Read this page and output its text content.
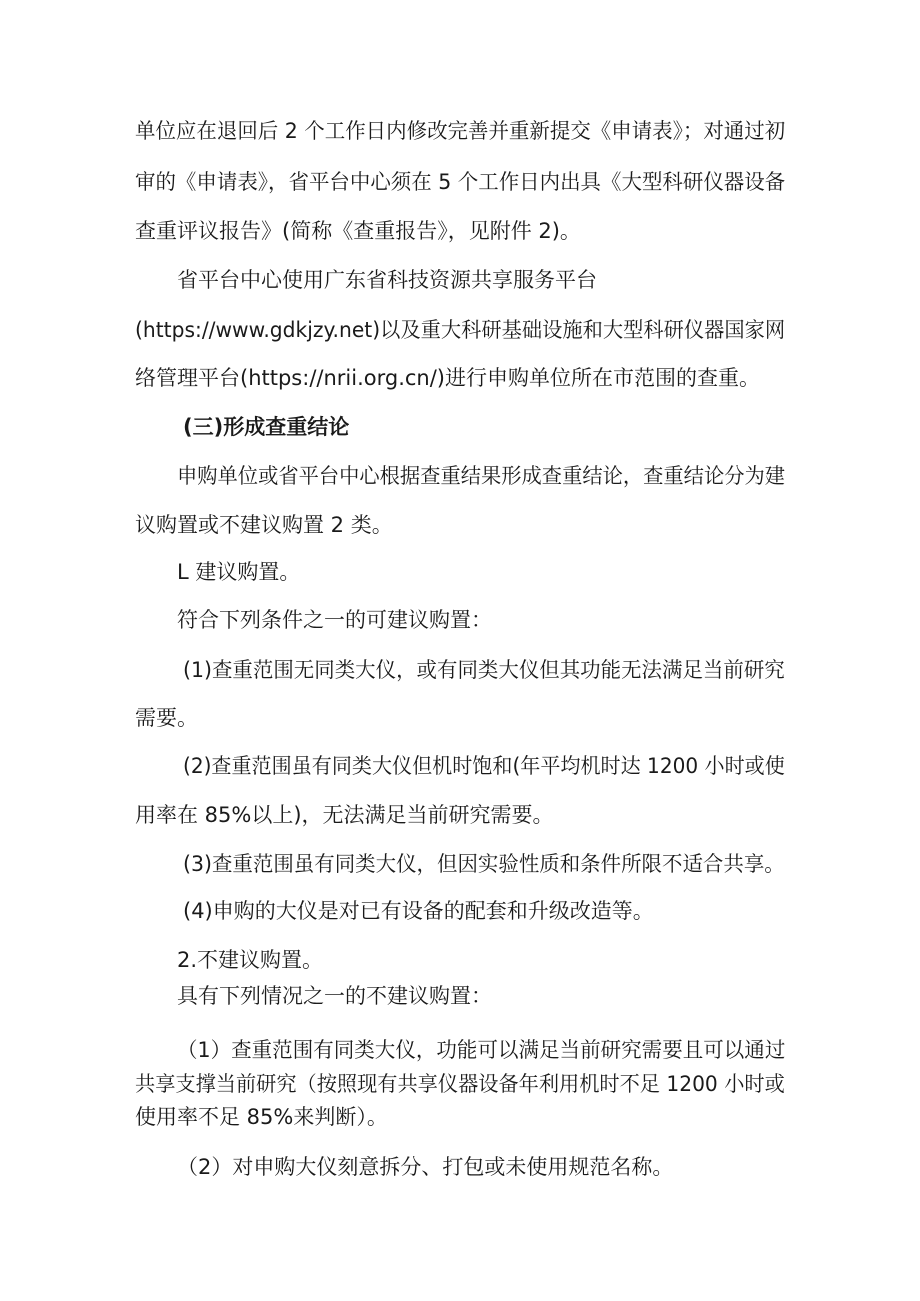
单位应在退回后 2 个工作日内修改完善并重新提交《申请表》；对通过初
审的《申请表》，省平台中心须在 5 个工作日内出具《大型科研仪器设备
查重评议报告》(简称《查重报告》，见附件 2)。
省平台中心使用广东省科技资源共享服务平台
(https://www.gdkjzy.net)以及重大科研基础设施和大型科研仪器国家网
络管理平台(https://nrii.org.cn/)进行申购单位所在市范围的查重。
(三)形成查重结论
申购单位或省平台中心根据查重结果形成查重结论，查重结论分为建
议购置或不建议购置 2 类。
L 建议购置。
符合下列条件之一的可建议购置：
(1)查重范围无同类大仪，或有同类大仪但其功能无法满足当前研究
需要。
(2)查重范围虽有同类大仪但机时饱和(年平均机时达 1200 小时或使
用率在 85%以上)，无法满足当前研究需要。
(3)查重范围虽有同类大仪，但因实验性质和条件所限不适合共享。
(4)申购的大仪是对已有设备的配套和升级改造等。
2.不建议购置。
具有下列情况之一的不建议购置：
（1）查重范围有同类大仪，功能可以满足当前研究需要且可以通过
共享支撑当前研究（按照现有共享仪器设备年利用机时不足 1200 小时或
使用率不足 85%来判断）。
（2）对申购大仪刻意拆分、打包或未使用规范名称。
